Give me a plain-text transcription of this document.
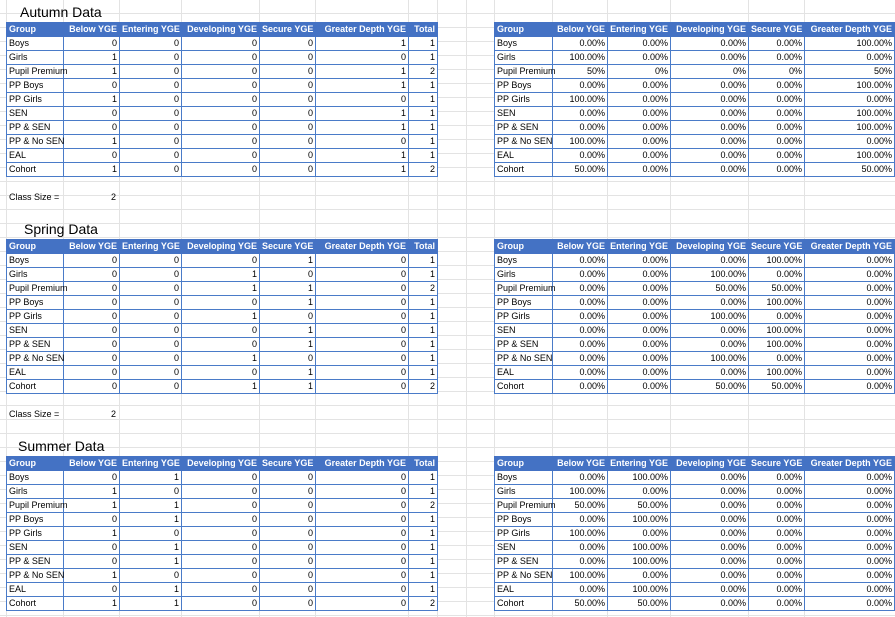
Autumn Data
Group	Below YGE	Entering YGE	Developing YGE	Secure YGE	Greater Depth YGE	Total
Boys	0	0	0	0	1	1
Girls	1	0	0	0	0	1
Pupil Premium	1	0	0	0	1	2
PP Boys	0	0	0	0	1	1
PP Girls	1	0	0	0	0	1
SEN	0	0	0	0	1	1
PP & SEN	0	0	0	0	1	1
PP & No SEN	1	0	0	0	0	1
EAL	0	0	0	0	1	1
Cohort	1	0	0	0	1	2
Group	Below YGE	Entering YGE	Developing YGE	Secure YGE	Greater Depth YGE
Boys	0.00%	0.00%	0.00%	0.00%	100.00%
Girls	100.00%	0.00%	0.00%	0.00%	0.00%
Pupil Premium	50%	0%	0%	0%	50%
PP Boys	0.00%	0.00%	0.00%	0.00%	100.00%
PP Girls	100.00%	0.00%	0.00%	0.00%	0.00%
SEN	0.00%	0.00%	0.00%	0.00%	100.00%
PP & SEN	0.00%	0.00%	0.00%	0.00%	100.00%
PP & No SEN	100.00%	0.00%	0.00%	0.00%	0.00%
EAL	0.00%	0.00%	0.00%	0.00%	100.00%
Cohort	50.00%	0.00%	0.00%	0.00%	50.00%
Class Size =	2
Spring Data
Group	Below YGE	Entering YGE	Developing YGE	Secure YGE	Greater Depth YGE	Total
Boys	0	0	0	1	0	1
Girls	0	0	1	0	0	1
Pupil Premium	0	0	1	1	0	2
PP Boys	0	0	0	1	0	1
PP Girls	0	0	1	0	0	1
SEN	0	0	0	1	0	1
PP & SEN	0	0	0	1	0	1
PP & No SEN	0	0	1	0	0	1
EAL	0	0	0	1	0	1
Cohort	0	0	1	1	0	2
Group	Below YGE	Entering YGE	Developing YGE	Secure YGE	Greater Depth YGE
Boys	0.00%	0.00%	0.00%	100.00%	0.00%
Girls	0.00%	0.00%	100.00%	0.00%	0.00%
Pupil Premium	0.00%	0.00%	50.00%	50.00%	0.00%
PP Boys	0.00%	0.00%	0.00%	100.00%	0.00%
PP Girls	0.00%	0.00%	100.00%	0.00%	0.00%
SEN	0.00%	0.00%	0.00%	100.00%	0.00%
PP & SEN	0.00%	0.00%	0.00%	100.00%	0.00%
PP & No SEN	0.00%	0.00%	100.00%	0.00%	0.00%
EAL	0.00%	0.00%	0.00%	100.00%	0.00%
Cohort	0.00%	0.00%	50.00%	50.00%	0.00%
Class Size =	2
Summer Data
Group	Below YGE	Entering YGE	Developing YGE	Secure YGE	Greater Depth YGE	Total
Boys	0	1	0	0	0	1
Girls	1	0	0	0	0	1
Pupil Premium	1	1	0	0	0	2
PP Boys	0	1	0	0	0	1
PP Girls	1	0	0	0	0	1
SEN	0	1	0	0	0	1
PP & SEN	0	1	0	0	0	1
PP & No SEN	1	0	0	0	0	1
EAL	0	1	0	0	0	1
Cohort	1	1	0	0	0	2
Group	Below YGE	Entering YGE	Developing YGE	Secure YGE	Greater Depth YGE
Boys	0.00%	100.00%	0.00%	0.00%	0.00%
Girls	100.00%	0.00%	0.00%	0.00%	0.00%
Pupil Premium	50.00%	50.00%	0.00%	0.00%	0.00%
PP Boys	0.00%	100.00%	0.00%	0.00%	0.00%
PP Girls	100.00%	0.00%	0.00%	0.00%	0.00%
SEN	0.00%	100.00%	0.00%	0.00%	0.00%
PP & SEN	0.00%	100.00%	0.00%	0.00%	0.00%
PP & No SEN	100.00%	0.00%	0.00%	0.00%	0.00%
EAL	0.00%	100.00%	0.00%	0.00%	0.00%
Cohort	50.00%	50.00%	0.00%	0.00%	0.00%
